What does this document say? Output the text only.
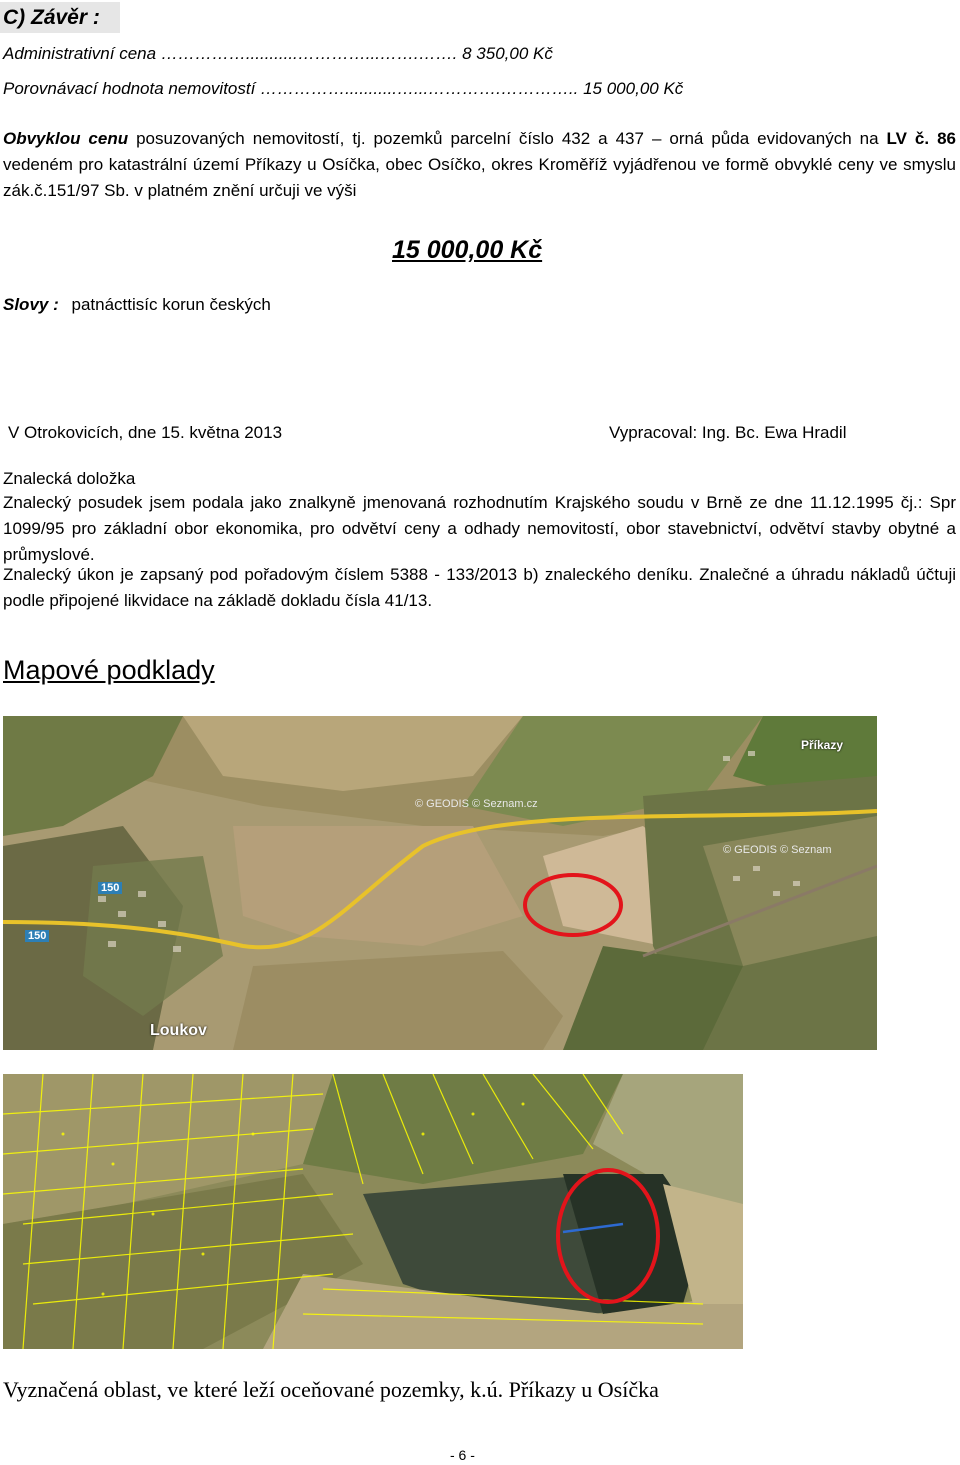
C) Závěr :
Administrativní cena ……………...........…………...…….……. 8 350,00 Kč
Porovnávací hodnota nemovitostí ……………...........…...………….………….. 15 000,00 Kč
Obvyklou cenu posuzovaných nemovitostí, tj. pozemků parcelní číslo 432 a 437 – orná půda evidovaných na LV č. 86 vedeném pro katastrální území Příkazy u Osíčka, obec Osíčko, okres Kroměříž vyjádřenou ve formě obvyklé ceny ve smyslu zák.č.151/97 Sb. v platném znění určuji ve výši
15 000,00 Kč
Slovy : patnácttisíc korun českých
V Otrokovicích, dne 15. května 2013	Vypracoval: Ing. Bc. Ewa Hradil
Znalecká doložka
Znalecký posudek jsem podala jako znalkyně jmenovaná rozhodnutím Krajského soudu v Brně ze dne 11.12.1995 čj.: Spr 1099/95 pro základní obor ekonomika, pro odvětví ceny a odhady nemovitostí, obor stavebnictví, odvětví stavby obytné a průmyslové.
Znalecký úkon je zapsaný pod pořadovým číslem 5388 - 133/2013 b) znaleckého deníku. Znalečné a úhradu nákladů účtuji podle připojené likvidace na základě dokladu čísla 41/13.
Mapové podklady
© GEODIS © Seznam.cz
© GEODIS © Seznam
150
150
Loukov
Příkazy
Vyznačená oblast, ve které leží oceňované pozemky, k.ú. Příkazy u Osíčka
- 6 -
